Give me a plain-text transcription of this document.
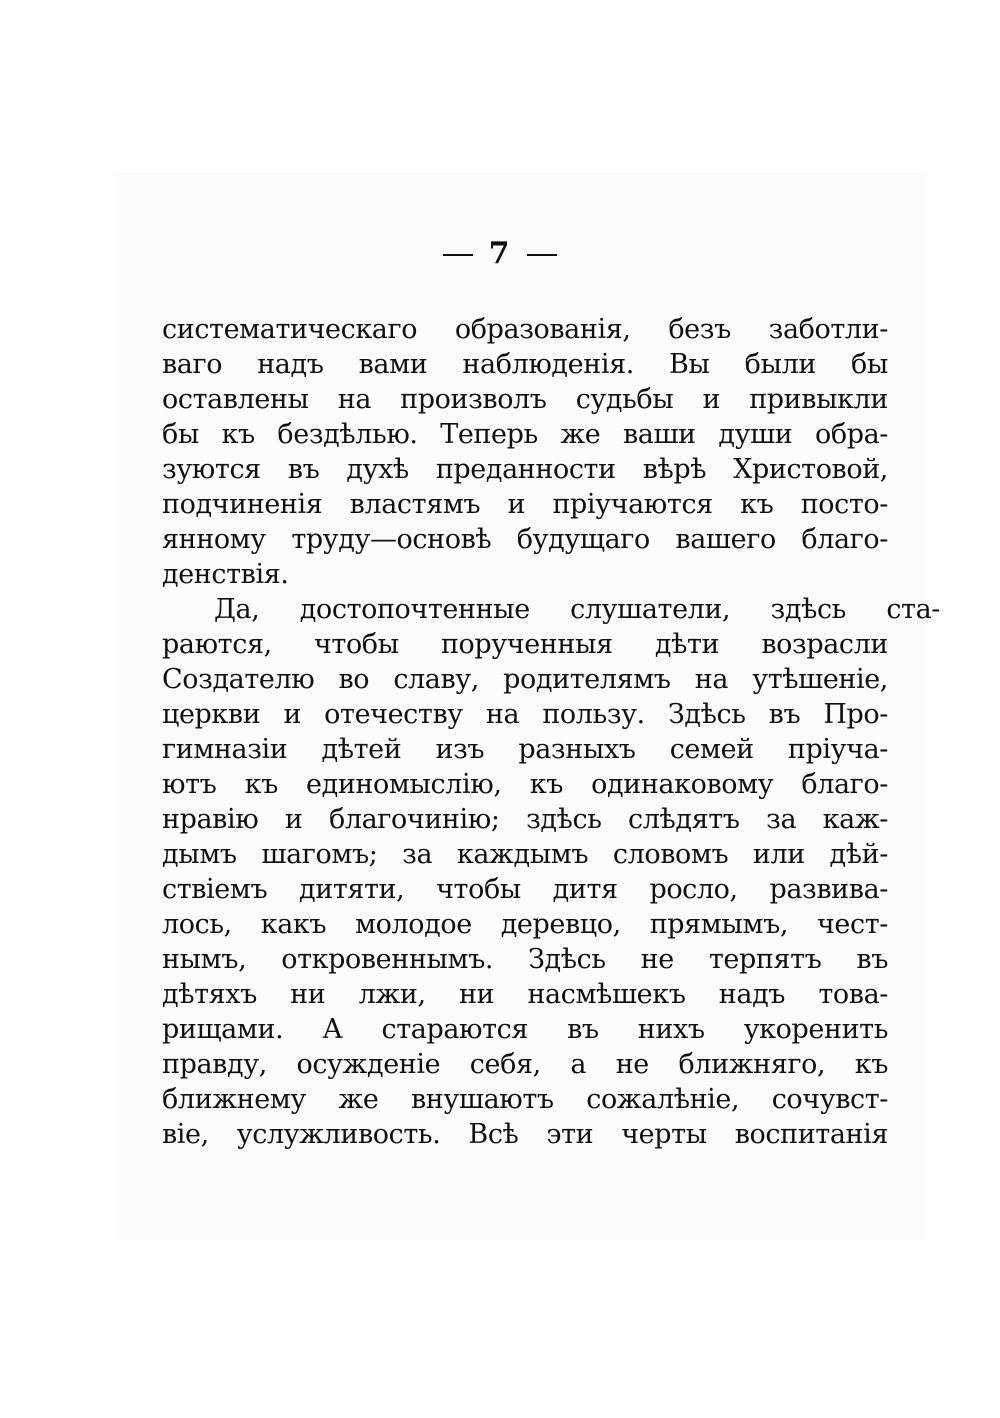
7
систематическаго образованія, безъ заботли-
ваго надъ вами наблюденія. Вы были бы
оставлены на произволъ судьбы и привыкли
бы къ бездѣлью. Теперь же ваши души обра-
зуются въ духѣ преданности вѣрѣ Христовой,
подчиненія властямъ и пріучаются къ посто-
янному труду—основѣ будущаго вашего благо-
денствія.
Да, достопочтенные слушатели, здѣсь ста-
раются, чтобы порученныя дѣти возрасли
Создателю во славу, родителямъ на утѣшеніе,
церкви и отечеству на пользу. Здѣсь въ Про-
гимназіи дѣтей изъ разныхъ семей пріуча-
ютъ къ единомыслію, къ одинаковому благо-
нравію и благочинію; здѣсь слѣдятъ за каж-
дымъ шагомъ; за каждымъ словомъ или дѣй-
ствіемъ дитяти, чтобы дитя росло, развива-
лось, какъ молодое деревцо, прямымъ, чест-
нымъ, откровеннымъ. Здѣсь не терпятъ въ
дѣтяхъ ни лжи, ни насмѣшекъ надъ това-
рищами. А стараются въ нихъ укоренить
правду, осужденіе себя, а не ближняго, къ
ближнему же внушаютъ сожалѣніе, сочувст-
віе, услужливость. Всѣ эти черты воспитанія
